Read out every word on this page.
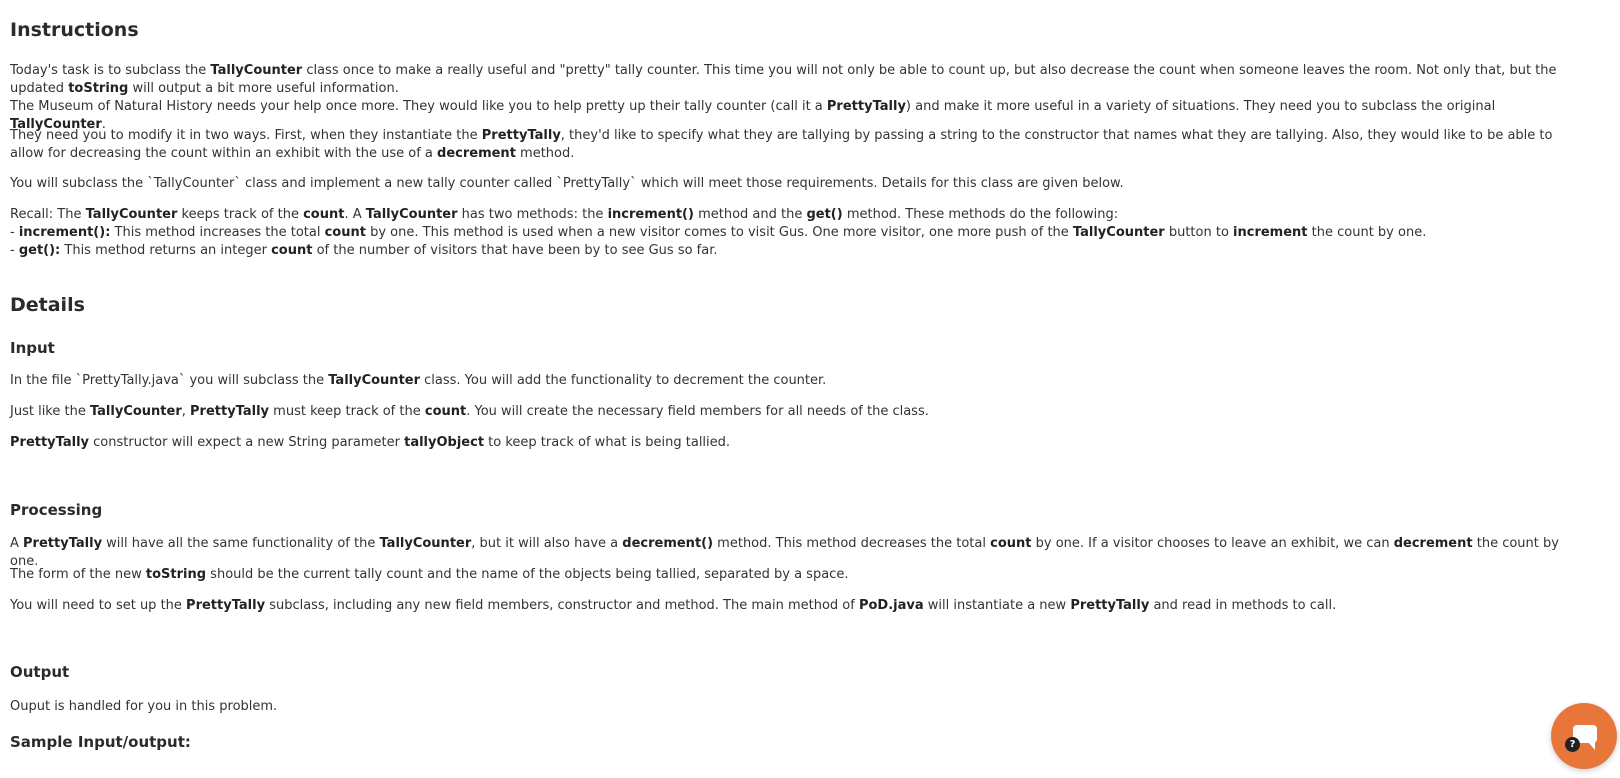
Instructions

Today's task is to subclass the TallyCounter class once to make a really useful and "pretty" tally counter. This time you will not only be able to count up, but also decrease the count when someone leaves the room. Not only that, but the updated toString will output a bit more useful information.
The Museum of Natural History needs your help once more. They would like you to help pretty up their tally counter (call it a PrettyTally) and make it more useful in a variety of situations. They need you to subclass the original TallyCounter.

They need you to modify it in two ways. First, when they instantiate the PrettyTally, they'd like to specify what they are tallying by passing a string to the constructor that names what they are tallying. Also, they would like to be able to allow for decreasing the count within an exhibit with the use of a decrement method.

You will subclass the `TallyCounter` class and implement a new tally counter called `PrettyTally` which will meet those requirements. Details for this class are given below.

Recall: The TallyCounter keeps track of the count. A TallyCounter has two methods: the increment() method and the get() method. These methods do the following:
- increment(): This method increases the total count by one. This method is used when a new visitor comes to visit Gus. One more visitor, one more push of the TallyCounter button to increment the count by one.
- get(): This method returns an integer count of the number of visitors that have been by to see Gus so far.

Details
Input

In the file `PrettyTally.java` you will subclass the TallyCounter class. You will add the functionality to decrement the counter.

Just like the TallyCounter, PrettyTally must keep track of the count. You will create the necessary field members for all needs of the class.

PrettyTally constructor will expect a new String parameter tallyObject to keep track of what is being tallied.

Processing

A PrettyTally will have all the same functionality of the TallyCounter, but it will also have a decrement() method. This method decreases the total count by one. If a visitor chooses to leave an exhibit, we can decrement the count by one.

The form of the new toString should be the current tally count and the name of the objects being tallied, separated by a space.

You will need to set up the PrettyTally subclass, including any new field members, constructor and method. The main method of PoD.java will instantiate a new PrettyTally and read in methods to call.

Output

Ouput is handled for you in this problem.

Sample Input/output:	?
